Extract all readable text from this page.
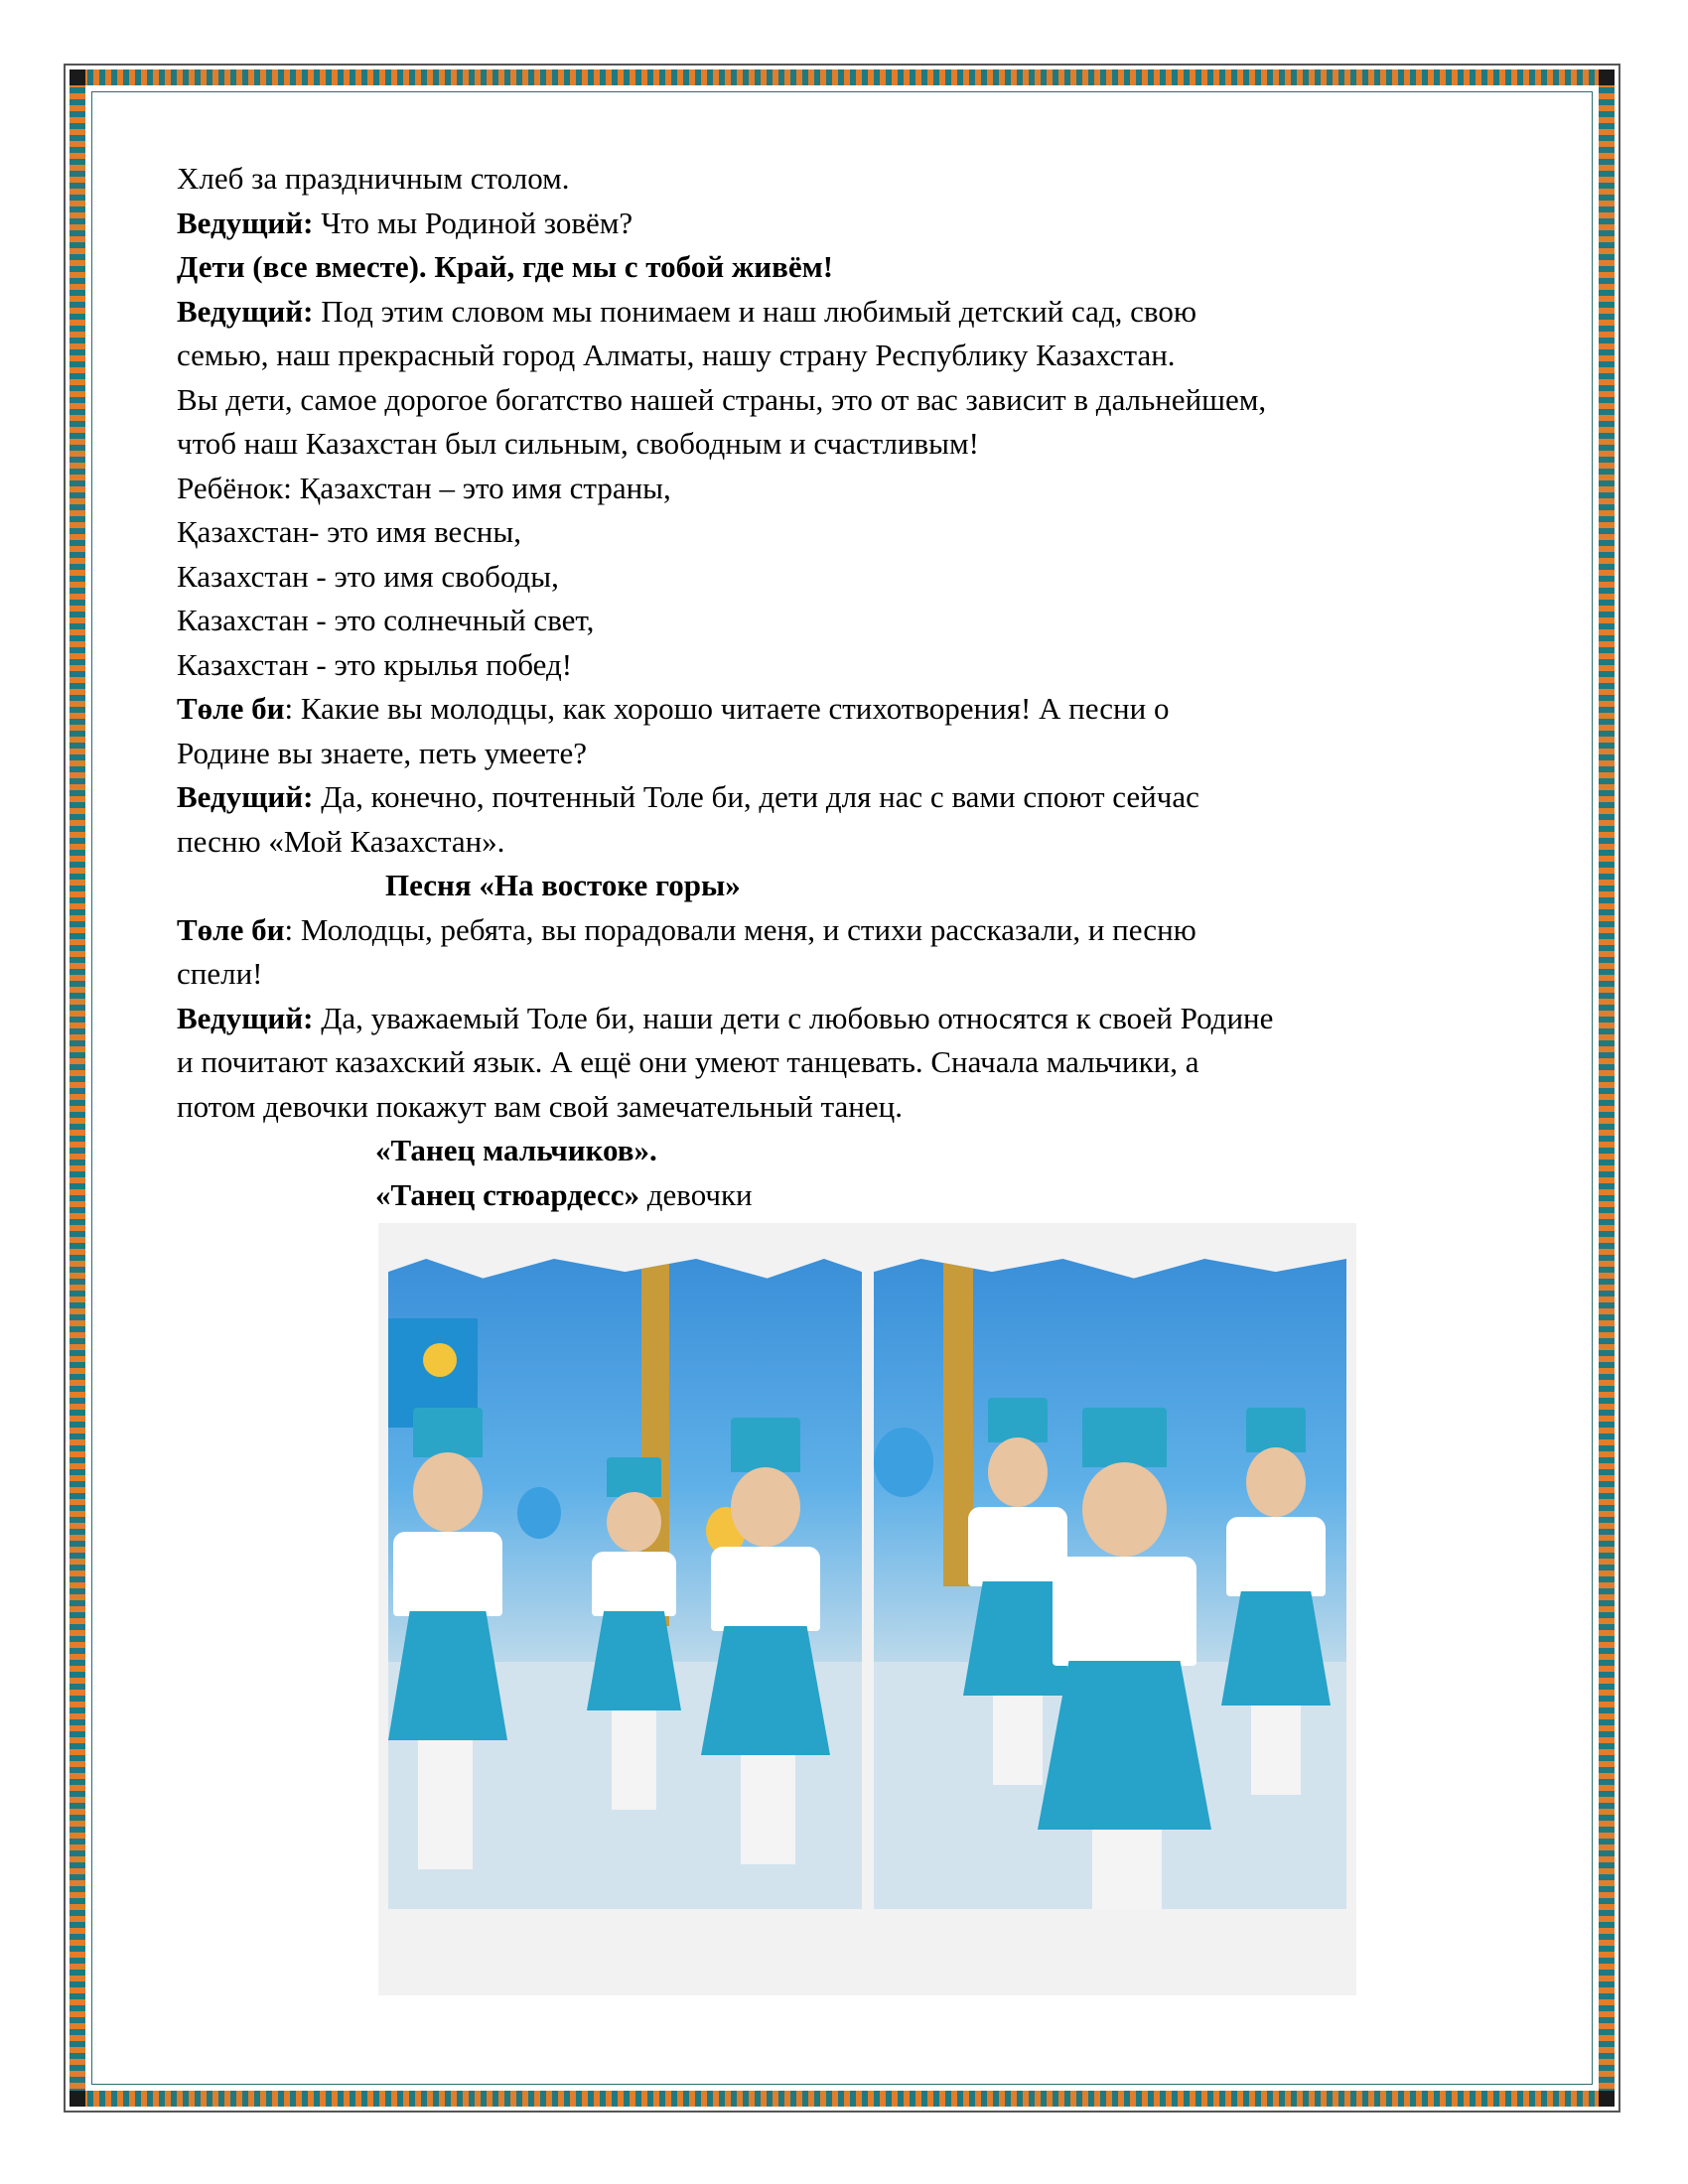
Хлеб за праздничным столом.
Ведущий: Что мы Родиной зовём?
Дети (все вместе). Край, где мы с тобой живём!
Ведущий: Под этим словом мы понимаем и наш любимый детский сад, свою
семью, наш прекрасный город Алматы, нашу страну Республику Казахстан.
Вы дети, самое дорогое богатство нашей страны, это от вас зависит в дальнейшем,
чтоб наш Казахстан был сильным, свободным и счастливым!
Ребёнок: Қазахстан – это имя страны,
Қазахстан- это имя весны,
Казахстан - это имя свободы,
Казахстан - это солнечный свет,
Казахстан - это крылья побед!
Төле би: Какие вы молодцы, как хорошо читаете стихотворения! А песни о
Родине вы знаете, петь умеете?
Ведущий: Да, конечно, почтенный Толе би, дети для нас с вами споют сейчас
песню «Мой Казахстан».
Песня «На востоке горы»
Төле би: Молодцы, ребята, вы порадовали меня, и стихи рассказали, и песню
спели!
Ведущий: Да, уважаемый Толе би, наши дети с любовью относятся к своей Родине
и почитают казахский язык. А ещё они умеют танцевать. Сначала мальчики, а
потом девочки покажут вам свой замечательный танец.
«Танец мальчиков».
«Танец стюардесс» девочки
